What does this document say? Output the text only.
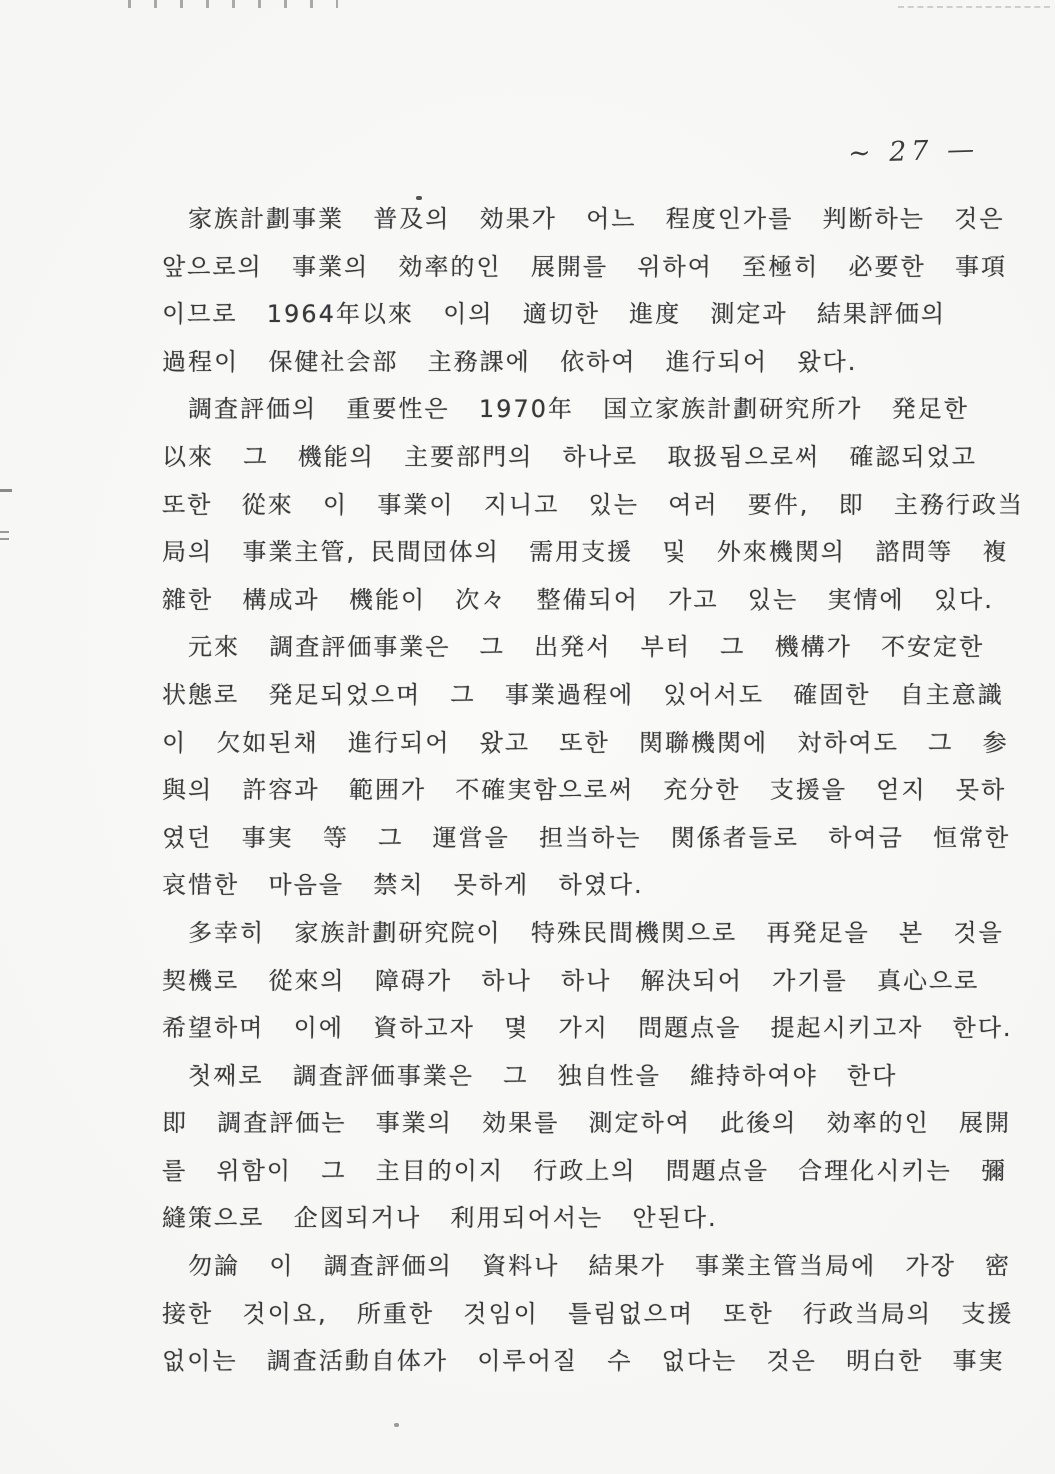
~ 27 —
　家族計劃事業  普及의  効果가  어느  程度인가를  判断하는  것은
앞으로의  事業의  効率的인  展開를  위하여  至極히  必要한  事項
이므로  1964年以來  이의  適切한  進度  測定과  結果評価의
過程이  保健社会部  主務課에  依하여  進行되어  왔다.
　調査評価의  重要性은  1970年  国立家族計劃研究所가  発足한
以來  그  機能의  主要部門의  하나로  取扱됨으로써  確認되었고
또한  從來  이  事業이  지니고  있는  여러  要件,  即  主務行政当
局의  事業主管, 民間団体의  需用支援  및  外來機関의  諮問等  複
雜한  構成과  機能이  次々  整備되어  가고  있는  実情에  있다.
　元來  調査評価事業은  그  出発서  부터  그  機構가  不安定한
状態로  発足되었으며  그  事業過程에  있어서도  確固한  自主意識
이  欠如된채  進行되어  왔고  또한  関聯機関에  対하여도  그  参
與의  許容과  範囲가  不確実함으로써  充分한  支援을  얻지  못하
였던  事実  等  그  運営을  担当하는  関係者들로  하여금  恒常한
哀惜한  마음을  禁치  못하게  하였다.
　多幸히  家族計劃研究院이  特殊民間機関으로  再発足을  본  것을
契機로  從來의  障碍가  하나  하나  解決되어  가기를  真心으로
希望하며  이에  資하고자  몇  가지  問題点을  提起시키고자  한다.
　첫째로  調査評価事業은  그  独自性을  維持하여야  한다
即  調査評価는  事業의  効果를  測定하여  此後의  効率的인  展開
를  위함이  그  主目的이지  行政上의  問題点을  合理化시키는  彌
縫策으로  企図되거나  利用되어서는  안된다.
　勿論  이  調査評価의  資料나  結果가  事業主管当局에  가장  密
接한  것이요,  所重한  것임이  틀림없으며  또한  行政当局의  支援
없이는  調査活動自体가  이루어질  수  없다는  것은  明白한  事実
